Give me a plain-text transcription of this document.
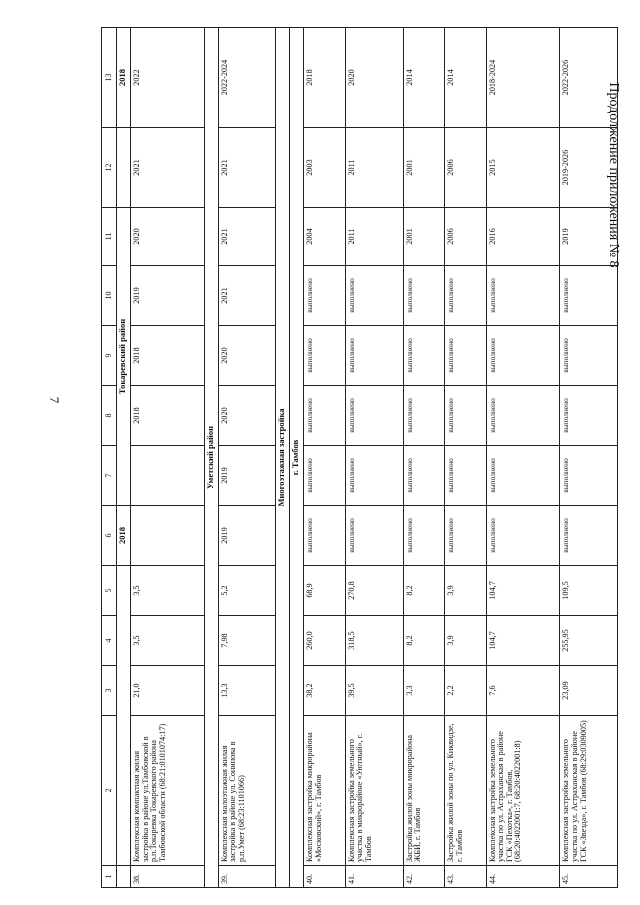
7
Продолжение приложения № 8
1	2	3	4	5	6	7	8	9	10	11	12	13
					2018	Токаревский район						2018
38.	Комплексная компактная жилая застройка в районе ул.Тамбовской в р.п.Токаревка Токаревского района Тамбовской области (68:21:0101074:17)	21,0	3,5	3,5			2018	2018	2019	2020	2021	2022
Уметский район												
39.	Комплексная малоэтажная жилая застройка в районе ул. Сонинова в р.п.Умет (68:23:1101066)	13,3	7,98	5,2	2019	2019	2020	2020	2021	2021	2021	2022-2024
Многоэтажная застройка												
г. Тамбов												
40.	Комплексная застройка микрорайона «Московский», г. Тамбов	38,2	260,0	68,9	выполнено	выполнено	выполнено	выполнено	выполнено	2004	2003	2018
41.	Комплексная застройка земельного участка в микрорайоне «Уютный», г. Тамбов	39,5	318,5	270,8	выполнено	выполнено	выполнено	выполнено	выполнено	2011	2011	2020
42.	Застройка жилой зоны микрорайона ЖБИ, г. Тамбов	3,3	8,2	8,2	выполнено	выполнено	выполнено	выполнено	выполнено	2001	2001	2014
43.	Застройка жилой зоны по ул. Киквидзе, г. Тамбов	2,2	3,9	3,9	выполнено	выполнено	выполнено	выполнено	выполнено	2006	2006	2014
44.	Комплексная застройка земельного участка по ул. Астраханская в районе ГСК «Пехотка», г. Тамбов, (68:20:4022001:7, 68:20:4022001:8)	7,6	104,7	104,7	выполнено	выполнено	выполнено	выполнено	выполнено	2016	2015	2018-2024
45.	Комплексная застройка земельного участка по ул. Астраханская в районе ГСК «Звезда», г. Тамбов (68:29:0309005)	23,09	255,95	109,5	выполнено	выполнено	выполнено	выполнено	выполнено	2019	2019-2026	2022-2026
